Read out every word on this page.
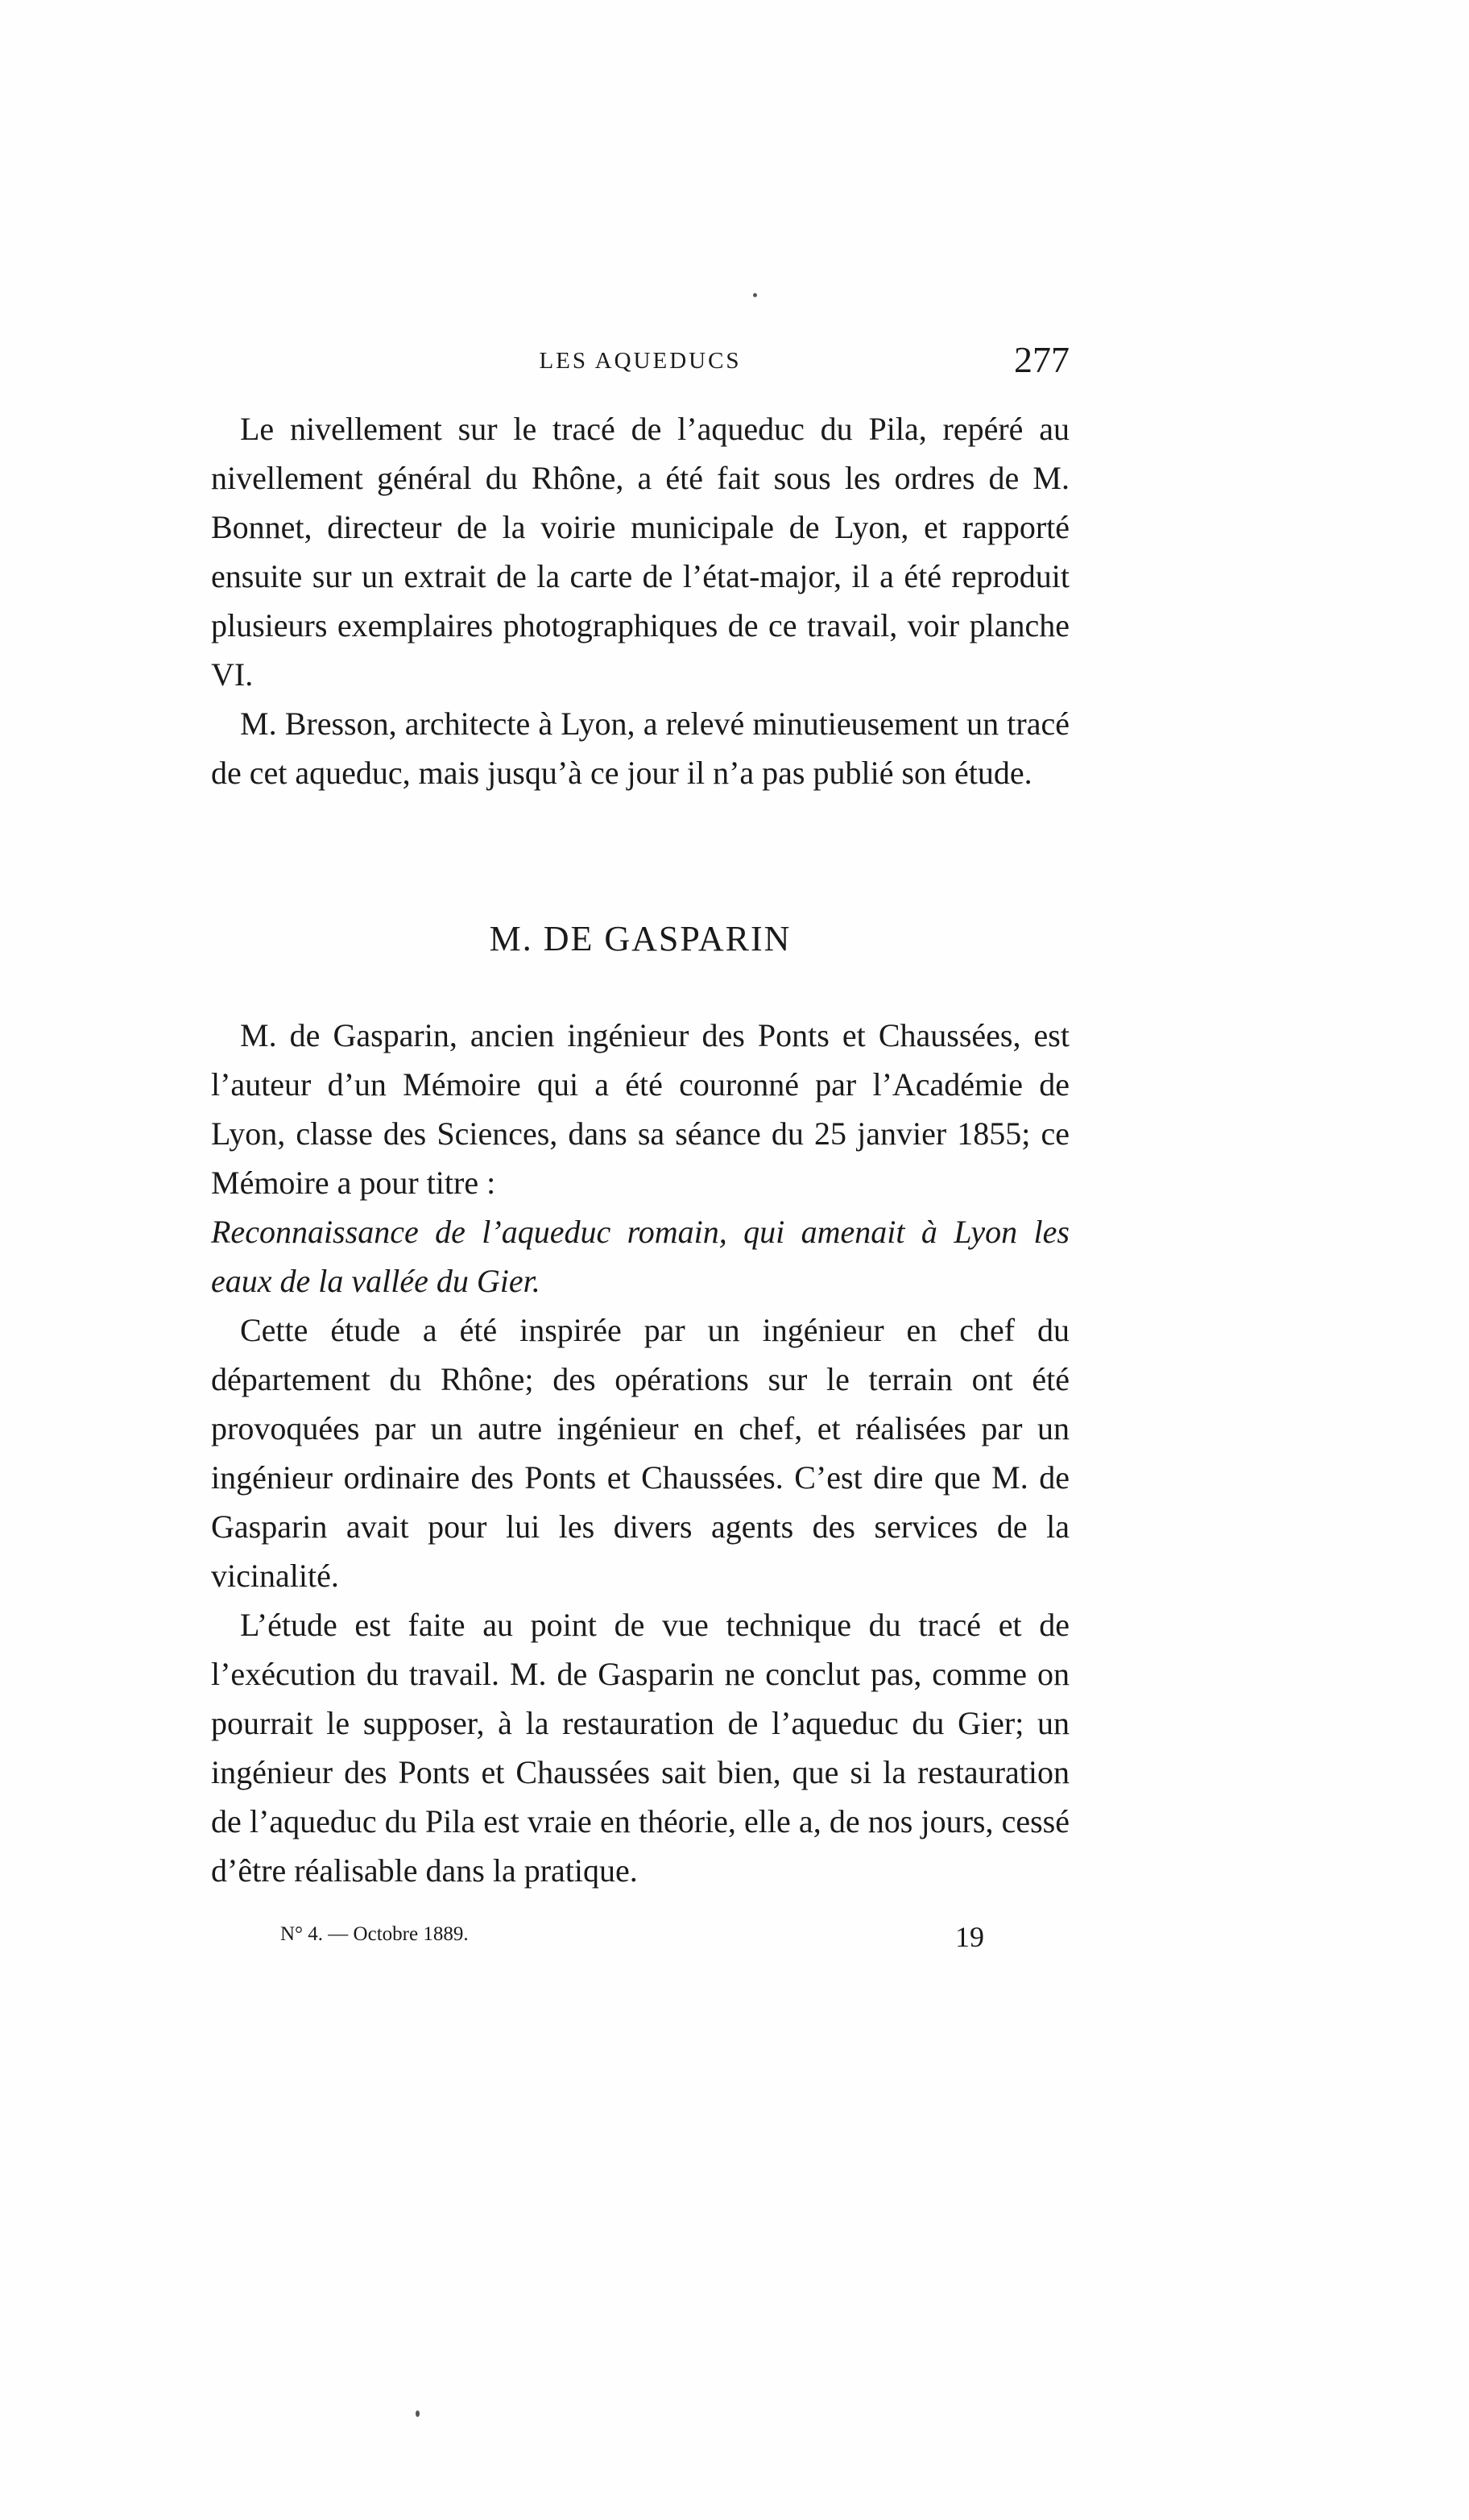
LES AQUEDUCS	277

Le nivellement sur le tracé de l’aqueduc du Pila, repéré au nivellement général du Rhône, a été fait sous les ordres de M. Bonnet, directeur de la voirie municipale de Lyon, et rapporté ensuite sur un extrait de la carte de l’état-major, il a été reproduit plusieurs exemplaires photographiques de ce travail, voir planche VI.

M. Bresson, architecte à Lyon, a relevé minutieusement un tracé de cet aqueduc, mais jusqu’à ce jour il n’a pas publié son étude.

M. DE GASPARIN

M. de Gasparin, ancien ingénieur des Ponts et Chaussées, est l’auteur d’un Mémoire qui a été couronné par l’Académie de Lyon, classe des Sciences, dans sa séance du 25 janvier 1855; ce Mémoire a pour titre :

Reconnaissance de l’aqueduc romain, qui amenait à Lyon les eaux de la vallée du Gier.

Cette étude a été inspirée par un ingénieur en chef du département du Rhône; des opérations sur le terrain ont été provoquées par un autre ingénieur en chef, et réalisées par un ingénieur ordinaire des Ponts et Chaussées. C’est dire que M. de Gasparin avait pour lui les divers agents des services de la vicinalité.

L’étude est faite au point de vue technique du tracé et de l’exécution du travail. M. de Gasparin ne conclut pas, comme on pourrait le supposer, à la restauration de l’aqueduc du Gier; un ingénieur des Ponts et Chaussées sait bien, que si la restauration de l’aqueduc du Pila est vraie en théorie, elle a, de nos jours, cessé d’être réalisable dans la pratique.

N° 4. — Octobre 1889.	19
